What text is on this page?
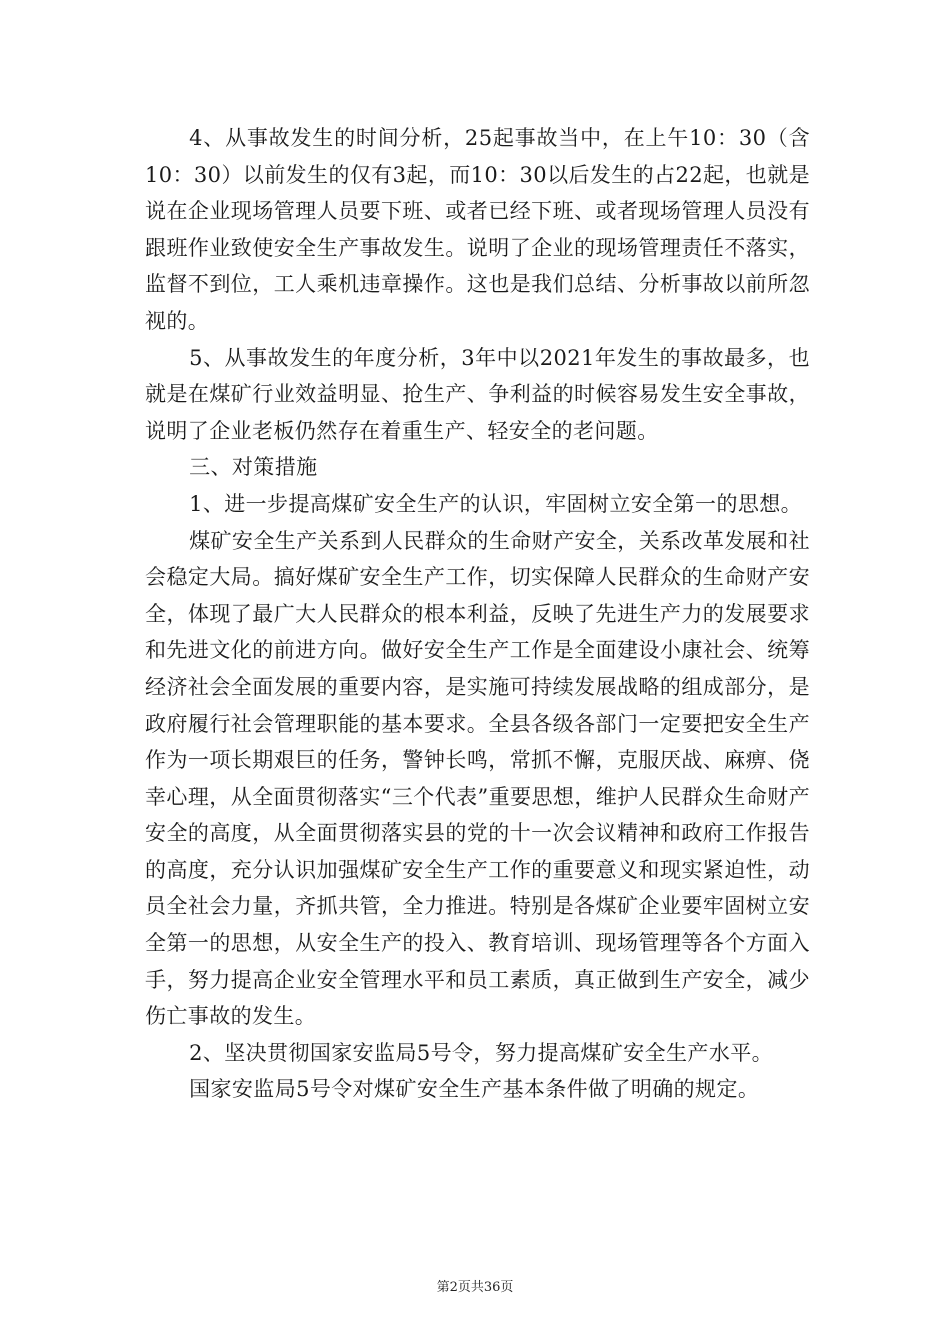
4、从事故发生的时间分析，25起事故当中，在上午10：30（含10：30）以前发生的仅有3起，而10：30以后发生的占22起，也就是说在企业现场管理人员要下班、或者已经下班、或者现场管理人员没有跟班作业致使安全生产事故发生。说明了企业的现场管理责任不落实，监督不到位，工人乘机违章操作。这也是我们总结、分析事故以前所忽视的。

5、从事故发生的年度分析，3年中以2021年发生的事故最多，也就是在煤矿行业效益明显、抢生产、争利益的时候容易发生安全事故，说明了企业老板仍然存在着重生产、轻安全的老问题。

三、对策措施

1、进一步提高煤矿安全生产的认识，牢固树立安全第一的思想。

煤矿安全生产关系到人民群众的生命财产安全，关系改革发展和社会稳定大局。搞好煤矿安全生产工作，切实保障人民群众的生命财产安全，体现了最广大人民群众的根本利益，反映了先进生产力的发展要求和先进文化的前进方向。做好安全生产工作是全面建设小康社会、统筹经济社会全面发展的重要内容，是实施可持续发展战略的组成部分，是政府履行社会管理职能的基本要求。全县各级各部门一定要把安全生产作为一项长期艰巨的任务，警钟长鸣，常抓不懈，克服厌战、麻痹、侥幸心理，从全面贯彻落实“三个代表”重要思想，维护人民群众生命财产安全的高度，从全面贯彻落实县的党的十一次会议精神和政府工作报告的高度，充分认识加强煤矿安全生产工作的重要意义和现实紧迫性，动员全社会力量，齐抓共管，全力推进。特别是各煤矿企业要牢固树立安全第一的思想，从安全生产的投入、教育培训、现场管理等各个方面入手，努力提高企业安全管理水平和员工素质，真正做到生产安全，减少伤亡事故的发生。

2、坚决贯彻国家安监局5号令，努力提高煤矿安全生产水平。

国家安监局5号令对煤矿安全生产基本条件做了明确的规定。

第2页共36页
